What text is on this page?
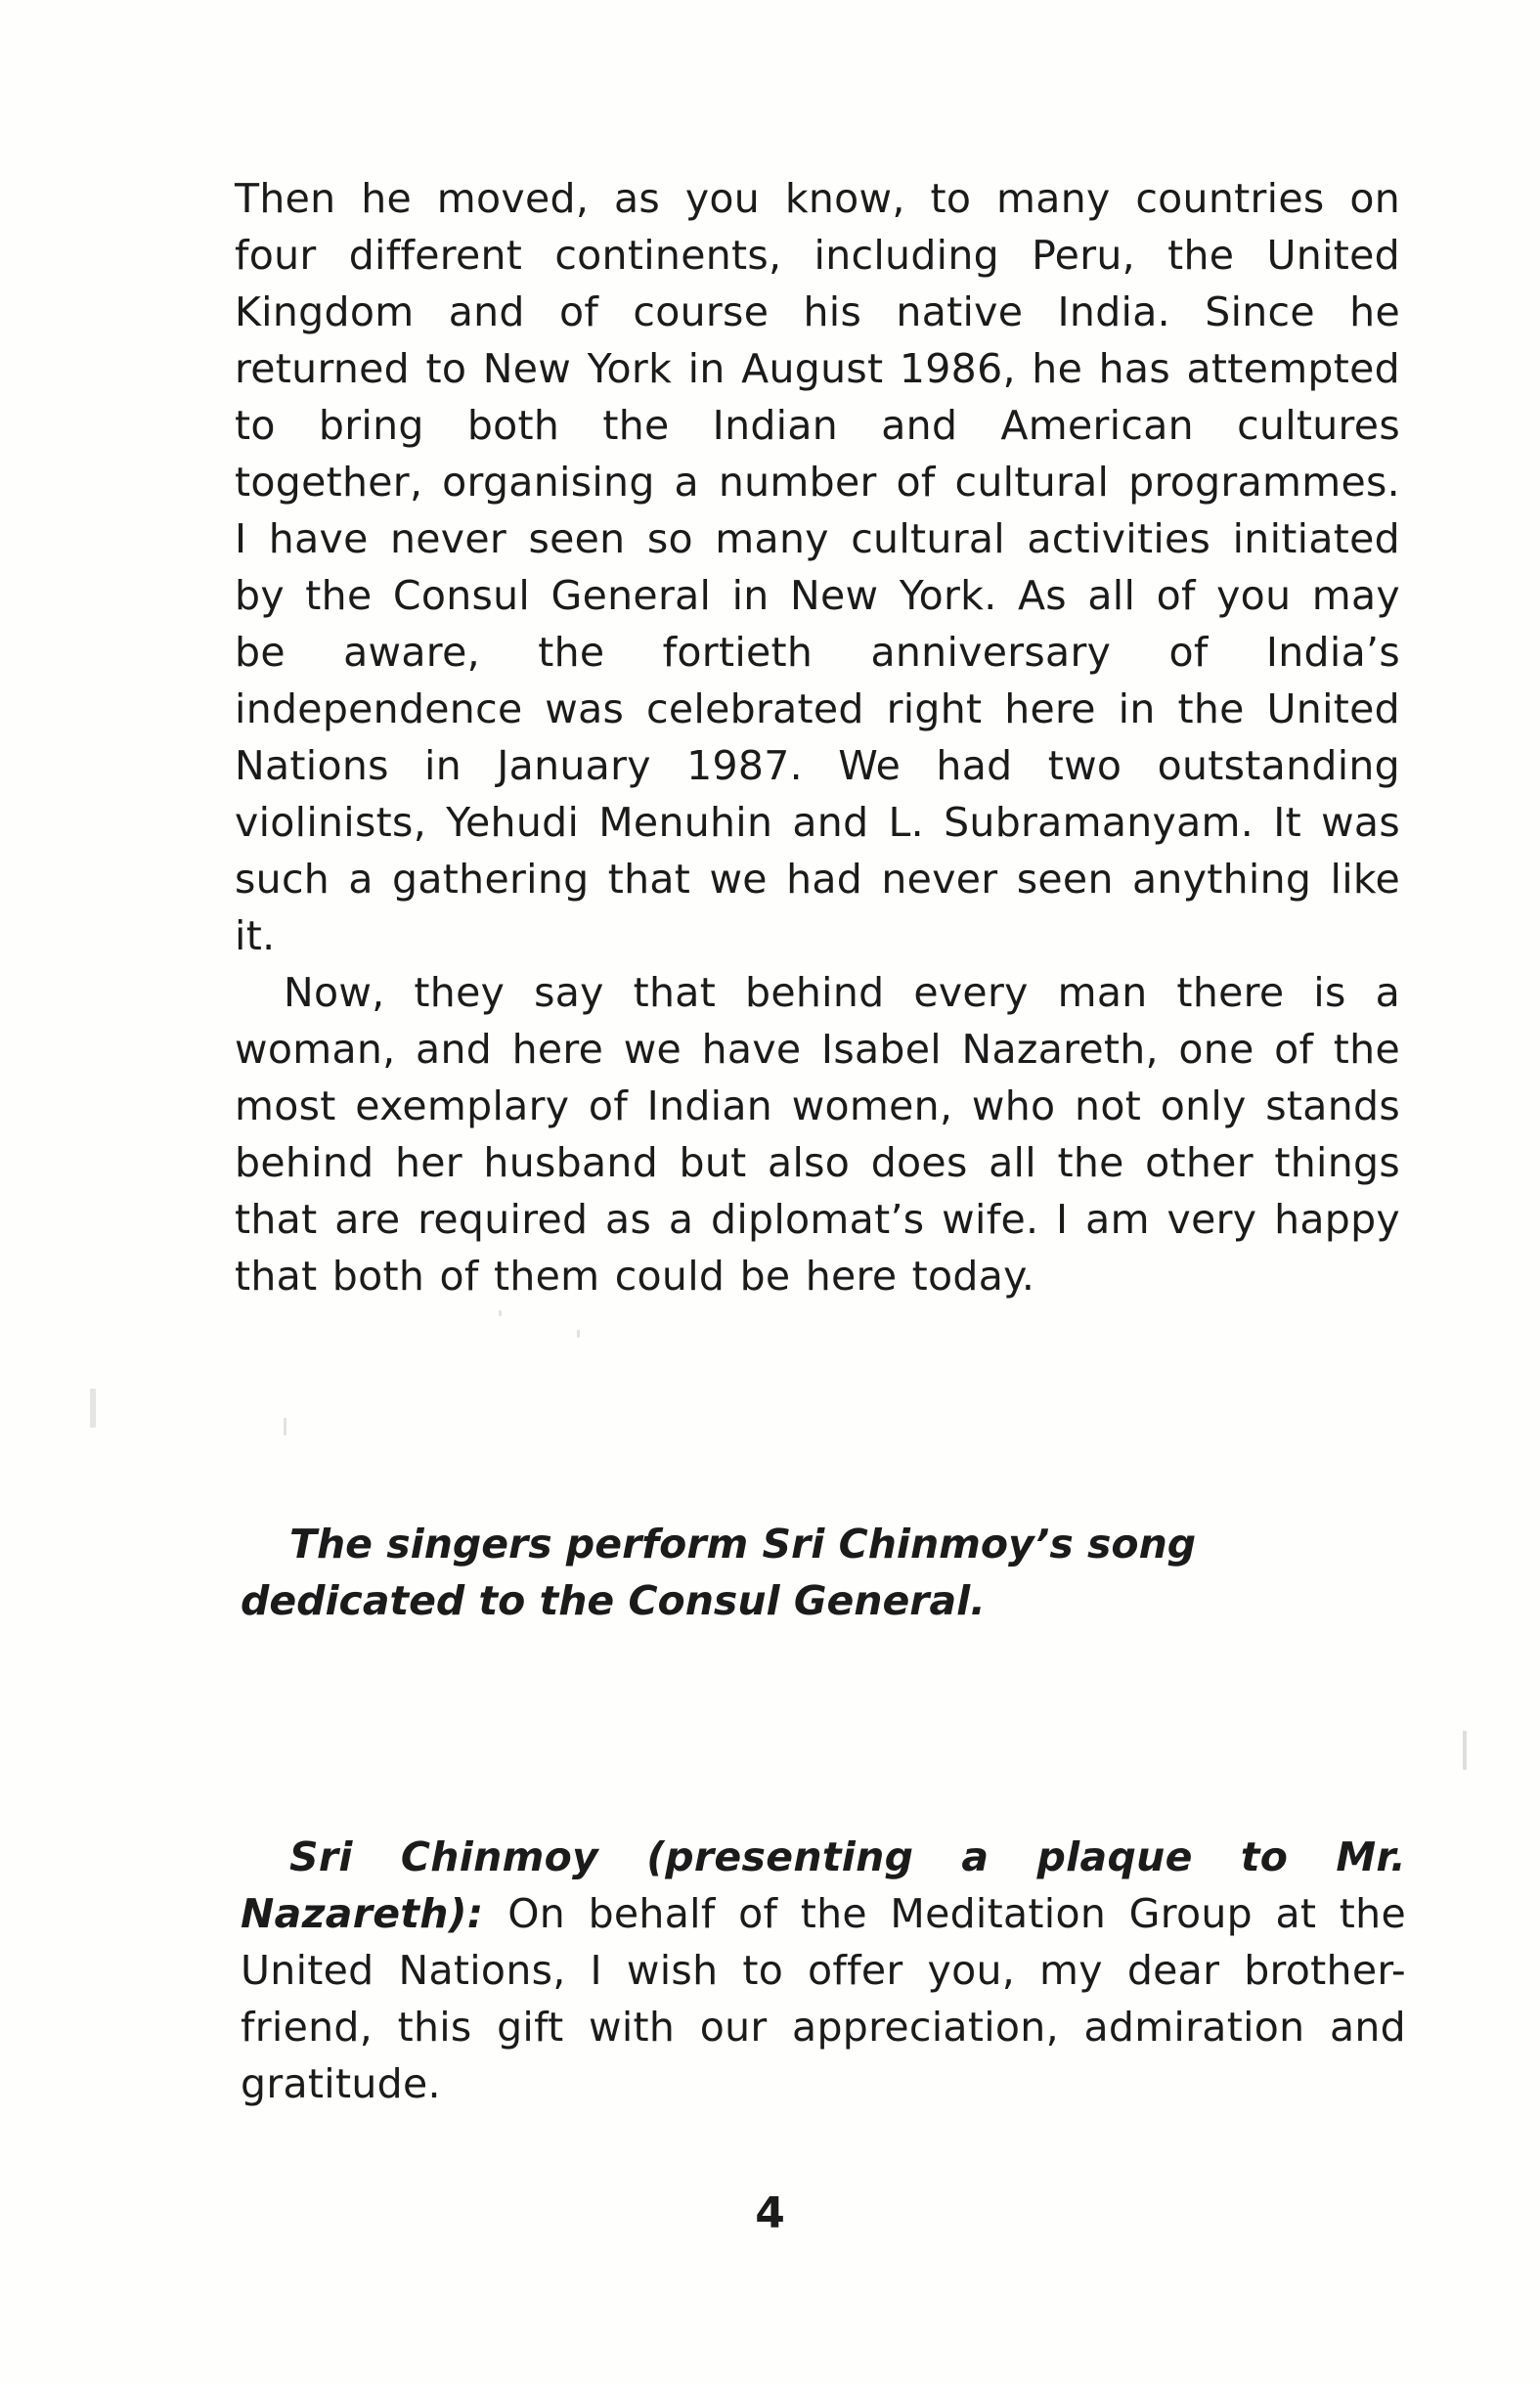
Then he moved, as you know, to many countries on four different continents, including Peru, the United Kingdom and of course his native India. Since he returned to New York in August 1986, he has attempted to bring both the Indian and American cultures together, organising a number of cultural programmes. I have never seen so many cultural activities initiated by the Consul General in New York. As all of you may be aware, the fortieth anniversary of India’s independence was celebrated right here in the United Nations in January 1987. We had two outstanding violinists, Yehudi Menuhin and L. Subramanyam. It was such a gathering that we had never seen anything like it.

Now, they say that behind every man there is a woman, and here we have Isabel Nazareth, one of the most exemplary of Indian women, who not only stands behind her husband but also does all the other things that are required as a diplomat’s wife. I am very happy that both of them could be here today.

The singers perform Sri Chinmoy’s song dedicated to the Consul General.

Sri Chinmoy (presenting a plaque to Mr. Nazareth): On behalf of the Meditation Group at the United Nations, I wish to offer you, my dear brother-friend, this gift with our appreciation, admiration and gratitude.

4
